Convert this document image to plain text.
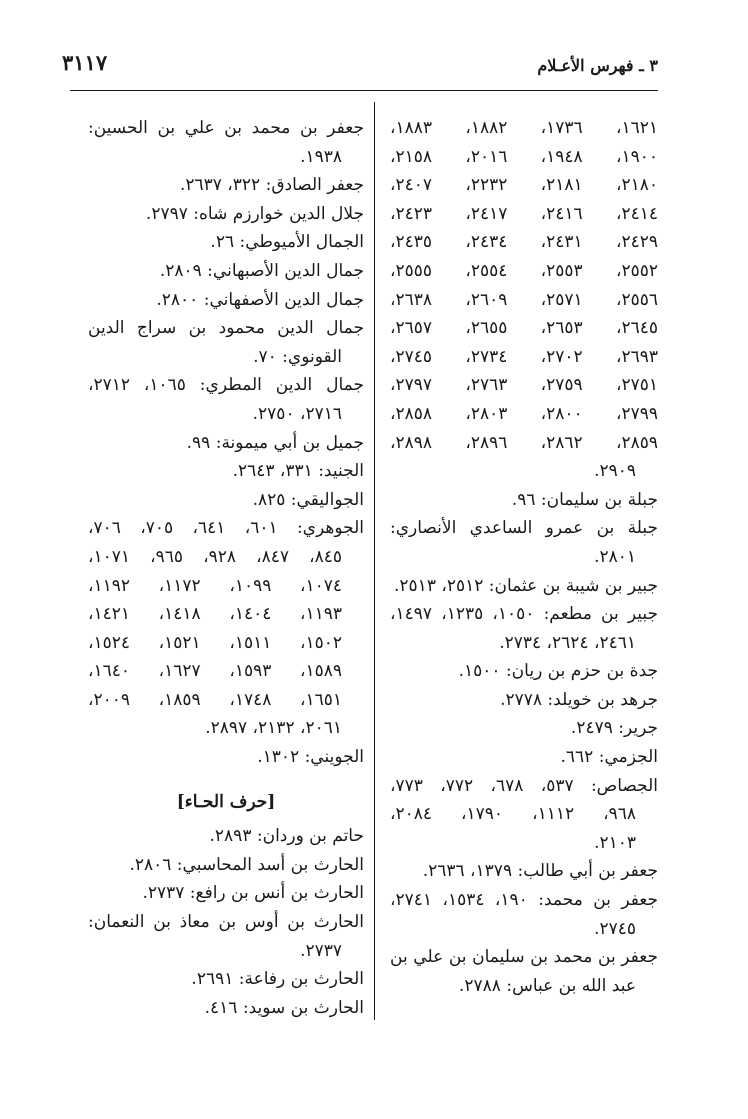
٣ ـ فهرس الأعـلام
٣١١٧
١٦٢١، ١٧٣٦، ١٨٨٢، ١٨٨٣،
١٩٠٠، ١٩٤٨، ٢٠١٦، ٢١٥٨،
٢١٨٠، ٢١٨١، ٢٢٣٢، ٢٤٠٧،
٢٤١٤، ٢٤١٦، ٢٤١٧، ٢٤٢٣،
٢٤٢٩، ٢٤٣١، ٢٤٣٤، ٢٤٣٥،
٢٥٥٢، ٢٥٥٣، ٢٥٥٤، ٢٥٥٥،
٢٥٥٦، ٢٥٧١، ٢٦٠٩، ٢٦٣٨،
٢٦٤٥، ٢٦٥٣، ٢٦٥٥، ٢٦٥٧،
٢٦٩٣، ٢٧٠٢، ٢٧٣٤، ٢٧٤٥،
٢٧٥١، ٢٧٥٩، ٢٧٦٣، ٢٧٩٧،
٢٧٩٩، ٢٨٠٠، ٢٨٠٣، ٢٨٥٨،
٢٨٥٩، ٢٨٦٢، ٢٨٩٦، ٢٨٩٨،
٢٩٠٩.
جبلة بن سليمان: ٩٦.
جبلة بن عمرو الساعدي الأنصاري:
٢٨٠١.
جبير بن شيبة بن عثمان: ٢٥١٢، ٢٥١٣.
جبير بن مطعم: ١٠٥٠، ١٢٣٥، ١٤٩٧،
٢٤٦١، ٢٦٢٤، ٢٧٣٤.
جدة بن حزم بن ريان: ١٥٠٠.
جرهد بن خويلد: ٢٧٧٨.
جرير: ٢٤٧٩.
الجزمي: ٦٦٢.
الجصاص: ٥٣٧، ٦٧٨، ٧٧٢، ٧٧٣،
٩٦٨، ١١١٢، ١٧٩٠، ٢٠٨٤،
٢١٠٣.
جعفر بن أبي طالب: ١٣٧٩، ٢٦٣٦.
جعفر بن محمد: ١٩٠، ١٥٣٤، ٢٧٤١،
٢٧٤٥.
جعفر بن محمد بن سليمان بن علي بن
عبد الله بن عباس: ٢٧٨٨.
جعفر بن محمد بن علي بن الحسين:
١٩٣٨.
جعفر الصادق: ٣٢٢، ٢٦٣٧.
جلال الدين خوارزم شاه: ٢٧٩٧.
الجمال الأميوطي: ٢٦.
جمال الدين الأصبهاني: ٢٨٠٩.
جمال الدين الأصفهاني: ٢٨٠٠.
جمال الدين محمود بن سراج الدين
القونوي: ٧٠.
جمال الدين المطري: ١٠٦٥، ٢٧١٢،
٢٧١٦، ٢٧٥٠.
جميل بن أبي ميمونة: ٩٩.
الجنيد: ٣٣١، ٢٦٤٣.
الجواليقي: ٨٢٥.
الجوهري: ٦٠١، ٦٤١، ٧٠٥، ٧٠٦،
٨٤٥، ٨٤٧، ٩٢٨، ٩٦٥، ١٠٧١،
١٠٧٤، ١٠٩٩، ١١٧٢، ١١٩٢،
١١٩٣، ١٤٠٤، ١٤١٨، ١٤٢١،
١٥٠٢، ١٥١١، ١٥٢١، ١٥٢٤،
١٥٨٩، ١٥٩٣، ١٦٢٧، ١٦٤٠،
١٦٥١، ١٧٤٨، ١٨٥٩، ٢٠٠٩،
٢٠٦١، ٢١٣٢، ٢٨٩٧.
الجويني: ١٣٠٢.
[حرف الحـاء]
حاتم بن وردان: ٢٨٩٣.
الحارث بن أسد المحاسبي: ٢٨٠٦.
الحارث بن أنس بن رافع: ٢٧٣٧.
الحارث بن أوس بن معاذ بن النعمان:
٢٧٣٧.
الحارث بن رفاعة: ٢٦٩١.
الحارث بن سويد: ٤١٦.
